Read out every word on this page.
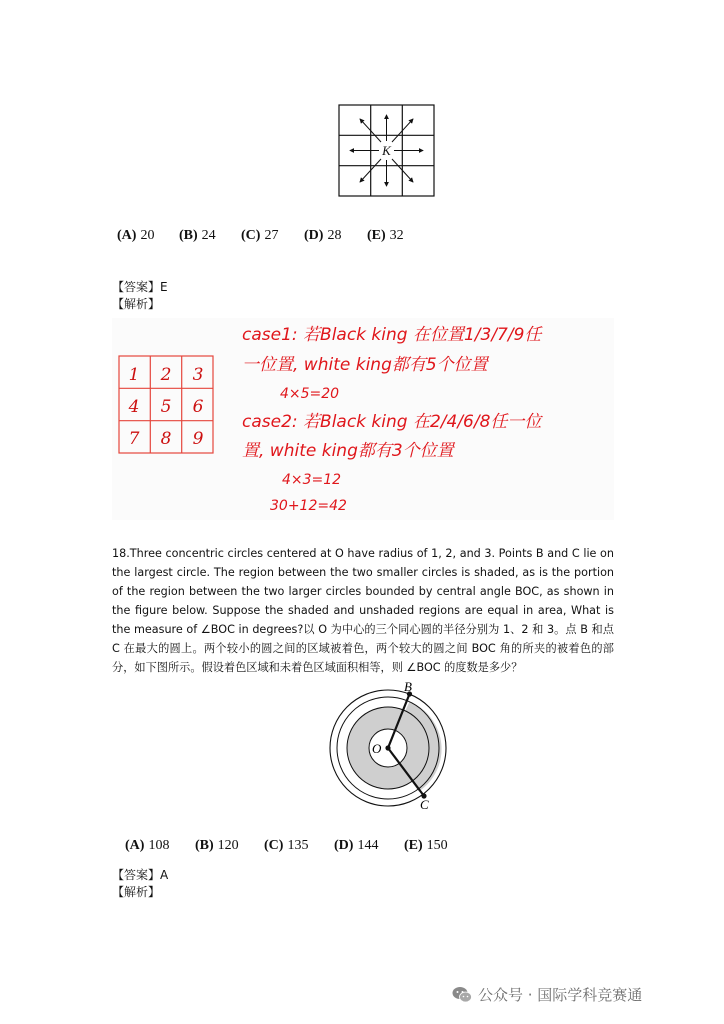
K
(A) 20	(B) 24	(C) 27	(D) 28	(E) 32
【答案】E
【解析】
1 2 3
4 5 6
7 8 9
case1: 若Black king 在位置1/3/7/9任
一位置, white king都有5个位置
4×5=20
case2: 若Black king 在2/4/6/8任一位
置, white king都有3个位置
4×3=12
30+12=42
18.Three concentric circles centered at O have radius of 1, 2, and 3. Points B and C lie on the largest circle. The region between the two smaller circles is shaded, as is the portion of the region between the two larger circles bounded by central angle BOC, as shown in the figure below. Suppose the shaded and unshaded regions are equal in area, What is the measure of ∠BOC in degrees?以 O 为中心的三个同心圆的半径分别为 1、2 和 3。点 B 和点 C 在最大的圆上。两个较小的圆之间的区域被着色，两个较大的圆之间 BOC 角的所夹的被着色的部分，如下图所示。假设着色区域和未着色区域面积相等，则 ∠BOC 的度数是多少？
B
O
C
(A) 108	(B) 120	(C) 135	(D) 144	(E) 150
【答案】A
【解析】
公众号 · 国际学科竞赛通
